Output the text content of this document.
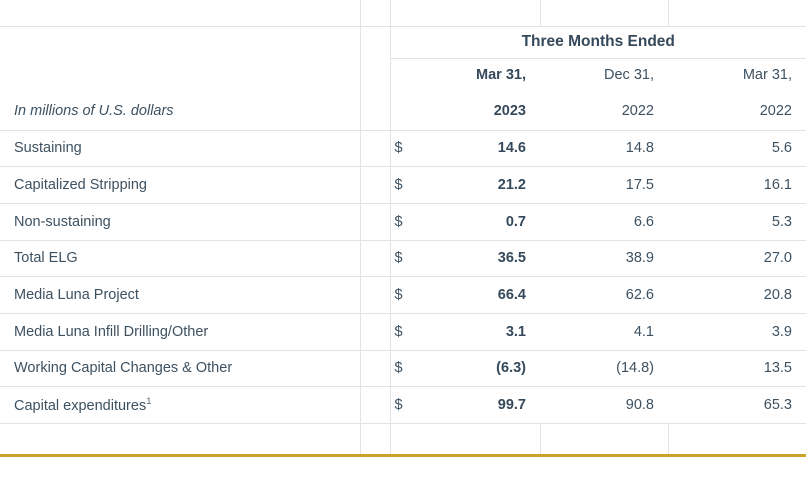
			Three Months Ended			
				Mar 31,	Dec 31,	Mar 31,
In millions of U.S. dollars				2023	2022	2022
Sustaining			$	14.6	14.8	5.6
Capitalized Stripping			$	21.2	17.5	16.1
Non-sustaining			$	0.7	6.6	5.3
Total ELG			$	36.5	38.9	27.0
Media Luna Project			$	66.4	62.6	20.8
Media Luna Infill Drilling/Other			$	3.1	4.1	3.9
Working Capital Changes & Other			$	(6.3)	(14.8)	13.5
Capital expenditures$^1$			$	99.7	90.8	65.3
